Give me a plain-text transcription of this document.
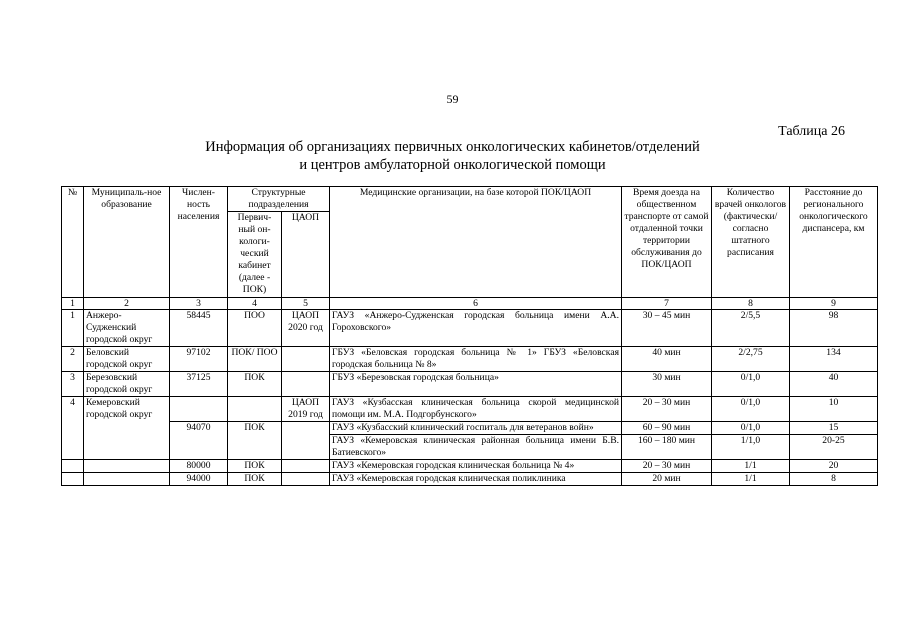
59
Таблица 26
Информация об организациях первичных онкологических кабинетов/отделений
и центров амбулаторной онкологической помощи
№	Муниципаль-ное образование	Числен-ность населения	Структурные подразделения		Медицинские организации, на базе которой ПОК/ЦАОП	Время доезда на общественном транспорте от самой отдаленной точки территории обслуживания до ПОК/ЦАОП	Количество врачей онкологов (фактически/ согласно штатного расписания	Расстояние до регионального онкологического диспансера, км
			Первич-ный он-кологи-ческий кабинет (далее - ПОК)	ЦАОП				
1	2	3	4	5	6	7	8	9
1	Анжеро-Судженский городской округ	58445	ПОО	ЦАОП 2020 год	ГАУЗ «Анжеро-Судженская городская больница имени А.А. Гороховского»	30 – 45 мин	2/5,5	98
2	Беловский городской округ	97102	ПОК/ ПОО		ГБУЗ «Беловская городская больница № 1» ГБУЗ «Беловская городская больница № 8»	40 мин	2/2,75	134
3	Березовский городской округ	37125	ПОК		ГБУЗ «Березовская городская больница»	30 мин	0/1,0	40
4	Кемеровский городской округ			ЦАОП 2019 год	ГАУЗ «Кузбасская клиническая больница скорой медицинской помощи им. М.А. Подгорбунского»	20 – 30 мин	0/1,0	10
		94070	ПОК		ГАУЗ «Кузбасский клинический госпиталь для ветеранов войн»	60 – 90 мин	0/1,0	15
					ГАУЗ «Кемеровская клиническая районная больница имени Б.В. Батиевского»	160 – 180 мин	1/1,0	20-25
		80000	ПОК		ГАУЗ «Кемеровская городская клиническая больница № 4»	20 – 30 мин	1/1	20
		94000	ПОК		ГАУЗ «Кемеровская городская клиническая поликлиника	20 мин	1/1	8
